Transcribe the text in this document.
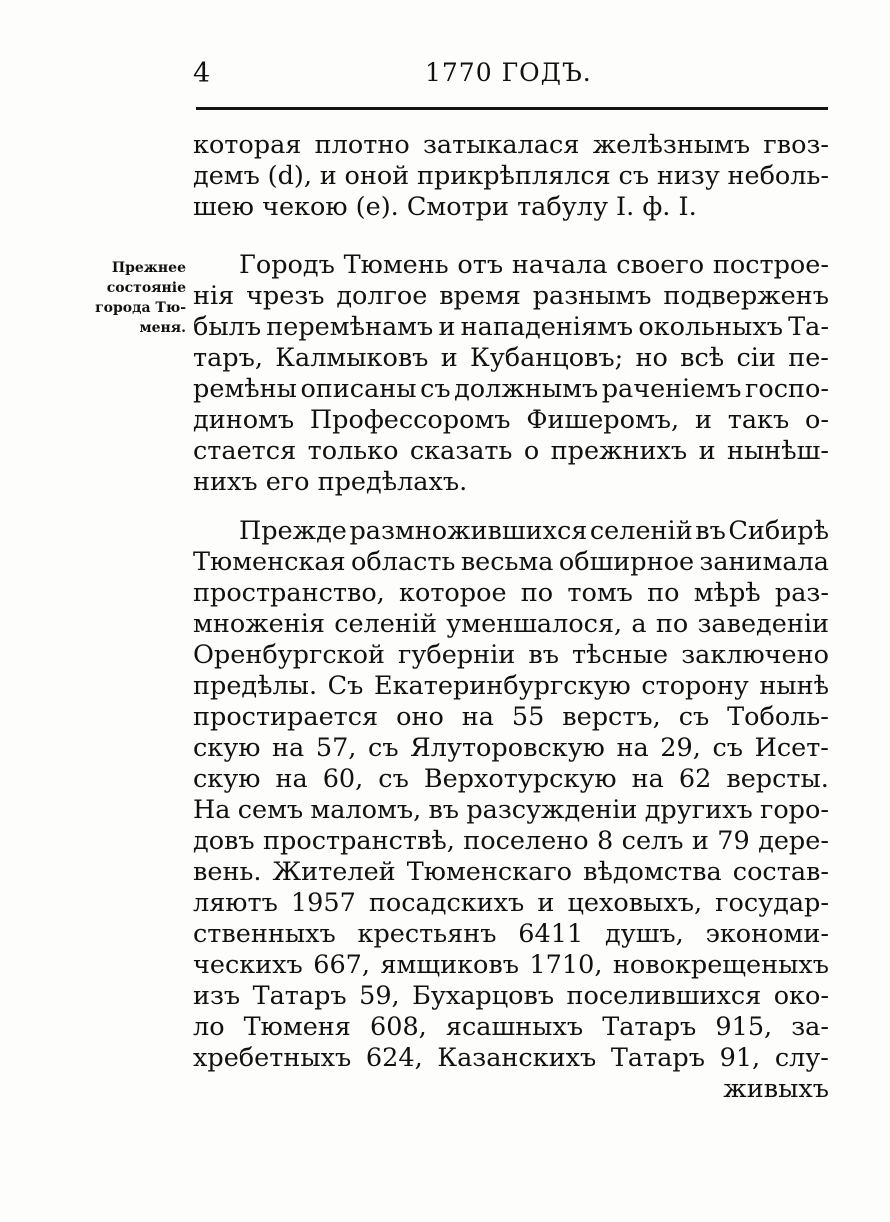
4	1770 ГОДЪ.
Прежнее
состояніе
города Тю-
меня.
которая плотно затыкалася желѣзнымъ гвоз-
демъ (d), и оной прикрѣплялся съ низу неболь-
шею чекою (е). Смотри табулу I. ф. I.
Городъ Тюмень отъ начала своего построе-
нія чрезъ долгое время разнымъ подверженъ
былъ перемѣнамъ и нападеніямъ окольныхъ Та-
таръ, Калмыковъ и Кубанцовъ; но всѣ сіи пе-
ремѣны описаны съ должнымъ раченіемъ госпо-
диномъ Профессоромъ Фишеромъ, и такъ о-
стается только сказать о прежнихъ и нынѣш-
нихъ его предѣлахъ.
Прежде размножившихся селеній въ Сибирѣ
Тюменская область весьма обширное занимала
пространство, которое по томъ по мѣрѣ раз-
множенія селеній уменшалося, а по заведеніи
Оренбургской губерніи въ тѣсные заключено
предѣлы. Съ Екатеринбургскую сторону нынѣ
простирается оно на 55 верстъ, съ Тоболь-
скую на 57, съ Ялуторовскую на 29, съ Исет-
скую на 60, съ Верхотурскую на 62 версты.
На семъ маломъ, въ разсужденіи другихъ горо-
довъ пространствѣ, поселено 8 селъ и 79 дере-
вень. Жителей Тюменскаго вѣдомства состав-
ляютъ 1957 посадскихъ и цеховыхъ, государ-
ственныхъ крестьянъ 6411 душъ, экономи-
ческихъ 667, ямщиковъ 1710, новокрещеныхъ
изъ Татаръ 59, Бухарцовъ поселившихся око-
ло Тюменя 608, ясашныхъ Татаръ 915, за-
хребетныхъ 624, Казанскихъ Татаръ 91, слу-
живыхъ
